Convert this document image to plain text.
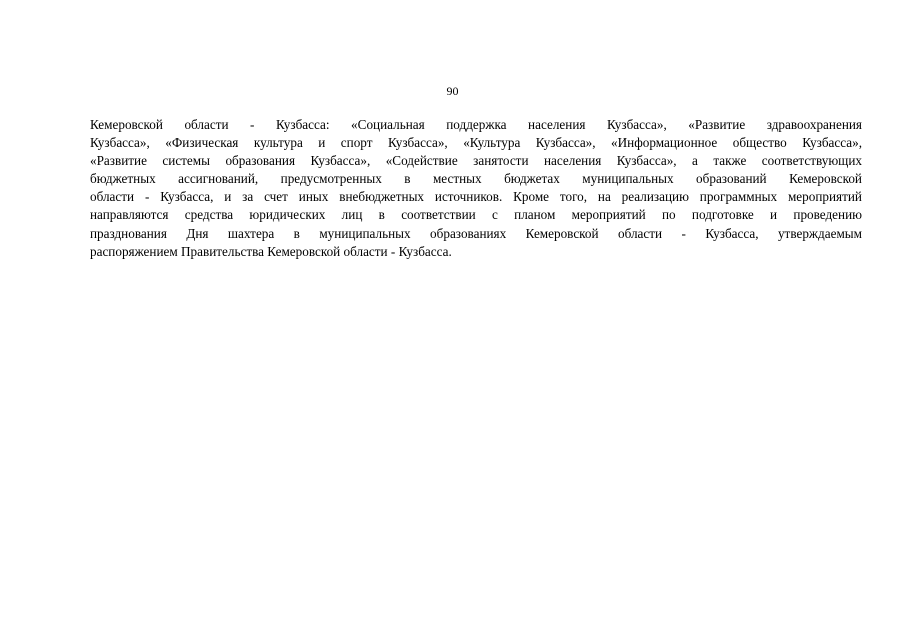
90
Кемеровской области - Кузбасса: «Социальная поддержка населения Кузбасса», «Развитие здравоохранения
Кузбасса», «Физическая культура и спорт Кузбасса», «Культура Кузбасса», «Информационное общество Кузбасса»,
«Развитие системы образования Кузбасса», «Содействие занятости населения Кузбасса», а также соответствующих
бюджетных ассигнований, предусмотренных в местных бюджетах муниципальных образований Кемеровской
области - Кузбасса, и за счет иных внебюджетных источников. Кроме того, на реализацию программных мероприятий
направляются средства юридических лиц в соответствии с планом мероприятий по подготовке и проведению
празднования Дня шахтера в муниципальных образованиях Кемеровской области - Кузбасса, утверждаемым
распоряжением Правительства Кемеровской области - Кузбасса.
